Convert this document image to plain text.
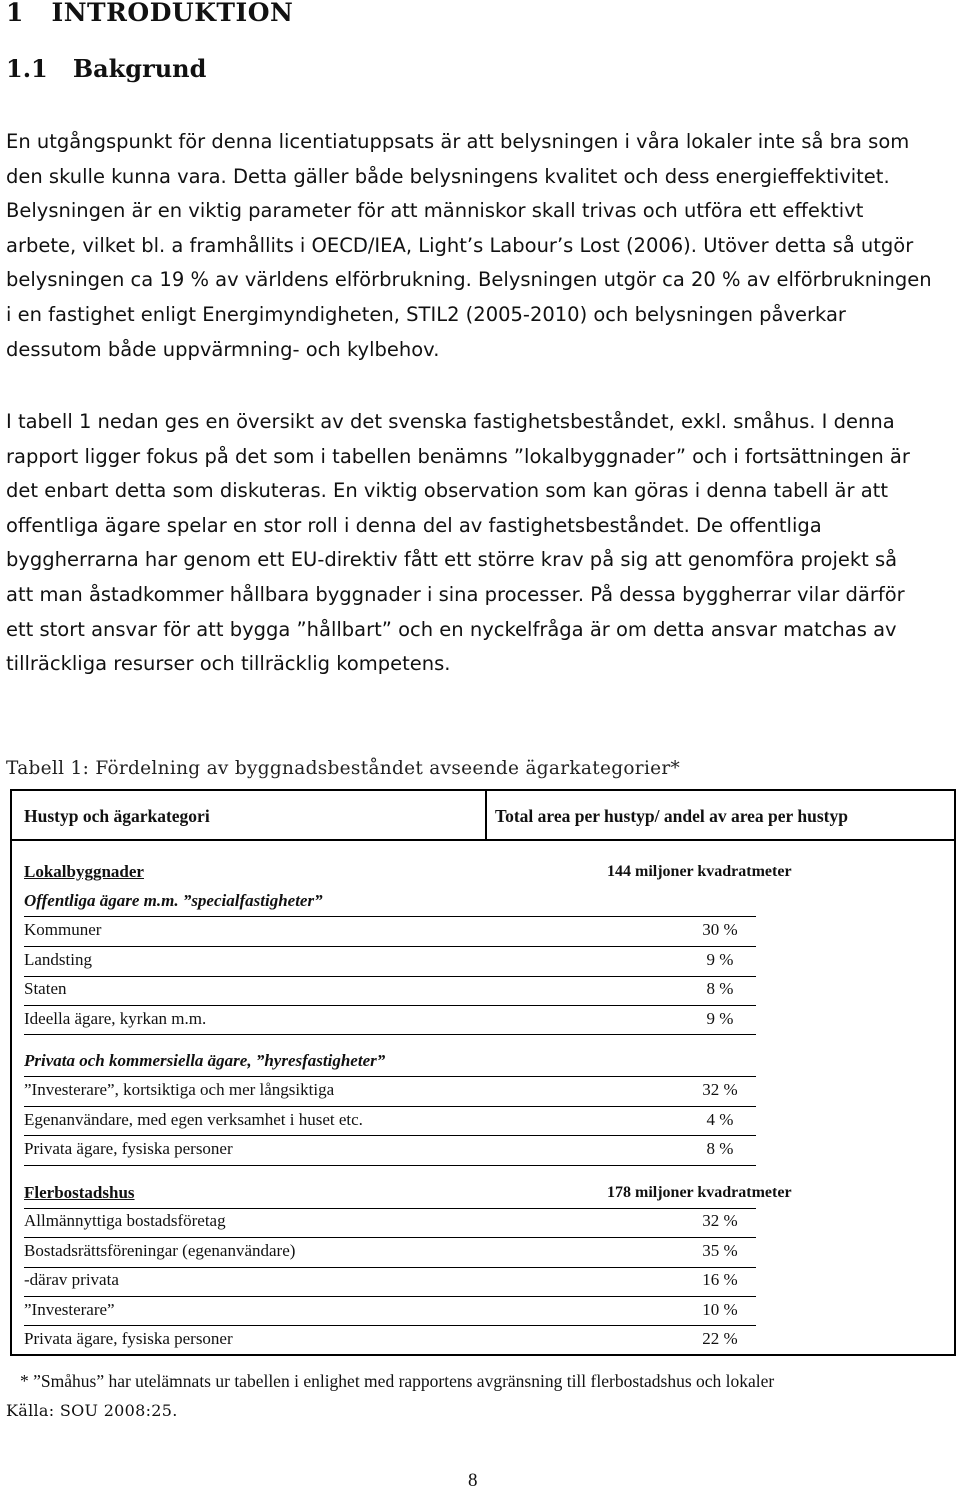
1   INTRODUKTION
1.1   Bakgrund
En utgångspunkt för denna licentiatuppsats är att belysningen i våra lokaler inte så bra som
den skulle kunna vara. Detta gäller både belysningens kvalitet och dess energieffektivitet.
Belysningen är en viktig parameter för att människor skall trivas och utföra ett effektivt
arbete, vilket bl. a framhållits i OECD/IEA, Light’s Labour’s Lost (2006). Utöver detta så utgör
belysningen ca 19 % av världens elförbrukning. Belysningen utgör ca 20 % av elförbrukningen
i en fastighet enligt Energimyndigheten, STIL2 (2005-2010) och belysningen påverkar
dessutom både uppvärmning- och kylbehov.
I tabell 1 nedan ges en översikt av det svenska fastighetsbeståndet, exkl. småhus. I denna
rapport ligger fokus på det som i tabellen benämns ”lokalbyggnader” och i fortsättningen är
det enbart detta som diskuteras. En viktig observation som kan göras i denna tabell är att
offentliga ägare spelar en stor roll i denna del av fastighetsbeståndet. De offentliga
byggherrarna har genom ett EU-direktiv fått ett större krav på sig att genomföra projekt så
att man åstadkommer hållbara byggnader i sina processer. På dessa byggherrar vilar därför
ett stort ansvar för att bygga ”hållbart” och en nyckelfråga är om detta ansvar matchas av
tillräckliga resurser och tillräcklig kompetens.
Tabell 1: Fördelning av byggnadsbeståndet avseende ägarkategorier*
Hustyp och ägarkategori	Total area per hustyp/ andel av area per hustyp
Lokalbyggnader	144 miljoner kvadratmeter
Offentliga ägare m.m. ”specialfastigheter”
Kommuner	30 %
Landsting	9 %
Staten	8 %
Ideella ägare, kyrkan m.m.	9 %
Privata och kommersiella ägare, ”hyresfastigheter”
”Investerare”, kortsiktiga och mer långsiktiga	32 %
Egenanvändare, med egen verksamhet i huset etc.	4 %
Privata ägare, fysiska personer	8 %
Flerbostadshus	178 miljoner kvadratmeter
Allmännyttiga bostadsföretag	32 %
Bostadsrättsföreningar (egenanvändare)	35 %
-därav privata	16 %
”Investerare”	10 %
Privata ägare, fysiska personer	22 %
* ”Småhus” har utelämnats ur tabellen i enlighet med rapportens avgränsning till flerbostadshus och lokaler
Källa: SOU 2008:25.
8
